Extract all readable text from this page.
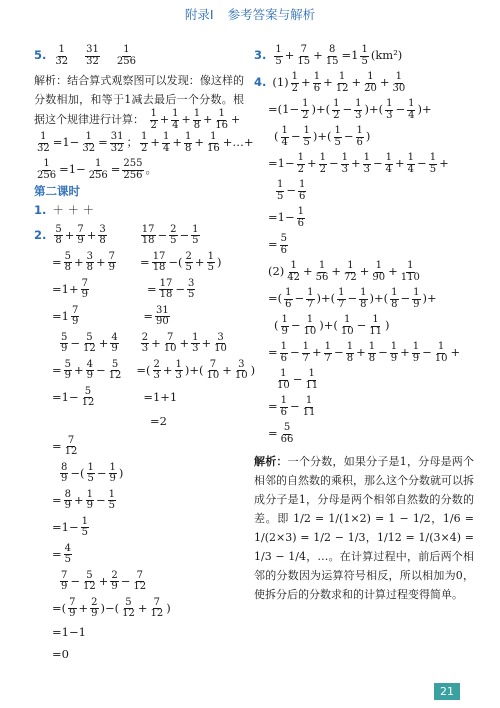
附录Ⅰ 参考答案与解析
5. $\frac{1}{32} \frac{31}{32} \frac{1}{256}$
解析：结合算式观察图可以发现：像这样的分数相加，和等于1减去最后一个分数。根据这个规律进行计算： $\frac{1}{2} + \frac{1}{4} + \frac{1}{8} + \frac{1}{16}$ +
$\frac{1}{32} =1- \frac{1}{32} = \frac{31}{32}$ ； $\frac{1}{2} + \frac{1}{4} + \frac{1}{8} + \frac{1}{16}$ +…+
$\frac{1}{256} =1- \frac{1}{256} = \frac{255}{256}$ 。
第二课时
1. ＋ ＋ ＋
2. $\frac{5}{8} + \frac{7}{9} + \frac{3}{8}$	$\frac{17}{18} - \frac{2}{5} - \frac{1}{5}$
= $\frac{5}{8} + \frac{3}{8} + \frac{7}{9} = \frac{17}{18}$ −( $\frac{2}{5} + \frac{1}{5}$ )
$=1+ \frac{7}{9}$	= $\frac{17}{18} - \frac{3}{5}$
$=1 \frac{7}{9}$	= $\frac{31}{90}$
$\frac{5}{9} - \frac{5}{12} + \frac{4}{9} \frac{2}{3} + \frac{7}{10} + \frac{1}{3} + \frac{3}{10}$
= $\frac{5}{9} + \frac{4}{9} - \frac{5}{12}$ =( $\frac{2}{3} + \frac{1}{3}$ )+( $\frac{7}{10} + \frac{3}{10}$ )
$=1- \frac{5}{12}$	=1+1
=2
= $\frac{7}{12}$
$\frac{8}{9}$ −( $\frac{1}{5} - \frac{1}{9}$ )
= $\frac{8}{9} + \frac{1}{9} - \frac{1}{5}$
$=1- \frac{1}{5}$
= $\frac{4}{5}$
$\frac{7}{9} - \frac{5}{12} + \frac{2}{9} - \frac{7}{12}$
=( $\frac{7}{9} + \frac{2}{9}$ )−( $\frac{5}{12} + \frac{7}{12}$ )
=1−1
=0
3. $\frac{1}{5} + \frac{7}{15} + \frac{8}{15} =1 \frac{1}{5} (km^2)$
4. $(1) \frac{1}{2} + \frac{1}{6} + \frac{1}{12} + \frac{1}{20} + \frac{1}{30}$
$=(1- \frac{1}{2}$ )+( $\frac{1}{2} - \frac{1}{3}$ )+( $\frac{1}{3} - \frac{1}{4}$ )+
( $\frac{1}{4} - \frac{1}{5}$ )+( $\frac{1}{5} - \frac{1}{6}$ )
$=1- \frac{1}{2} + \frac{1}{2} - \frac{1}{3} + \frac{1}{3} - \frac{1}{4} + \frac{1}{4} - \frac{1}{5}$ +
$\frac{1}{5} - \frac{1}{6}$
$=1- \frac{1}{6}$
= $\frac{5}{6}$
$(2) \frac{1}{42} + \frac{1}{56} + \frac{1}{72} + \frac{1}{90} + \frac{1}{110}$
=( $\frac{1}{6} - \frac{1}{7}$ )+( $\frac{1}{7} - \frac{1}{8}$ )+( $\frac{1}{8} - \frac{1}{9}$ )+
( $\frac{1}{9} - \frac{1}{10}$ )+( $\frac{1}{10} - \frac{1}{11}$ )
= $\frac{1}{6} - \frac{1}{7} + \frac{1}{7} - \frac{1}{8} + \frac{1}{8} - \frac{1}{9} + \frac{1}{9} - \frac{1}{10}$ +
$\frac{1}{10} - \frac{1}{11}$
= $\frac{1}{6} - \frac{1}{11}$
= $\frac{5}{66}$
解析：一个分数，如果分子是1，分母是两个相邻的自然数的乘积，那么这个分数就可以拆成分子是1，分母是两个相邻自然数的分数的差。即 1/2 = 1/(1×2) = 1 − 1/2，1/6 = 1/(2×3) = 1/2 − 1/3，1/12 = 1/(3×4) = 1/3 − 1/4，…。在计算过程中，前后两个相邻的分数因为运算符号相反，所以相加为0，使拆分后的分数求和的计算过程变得简单。
21
